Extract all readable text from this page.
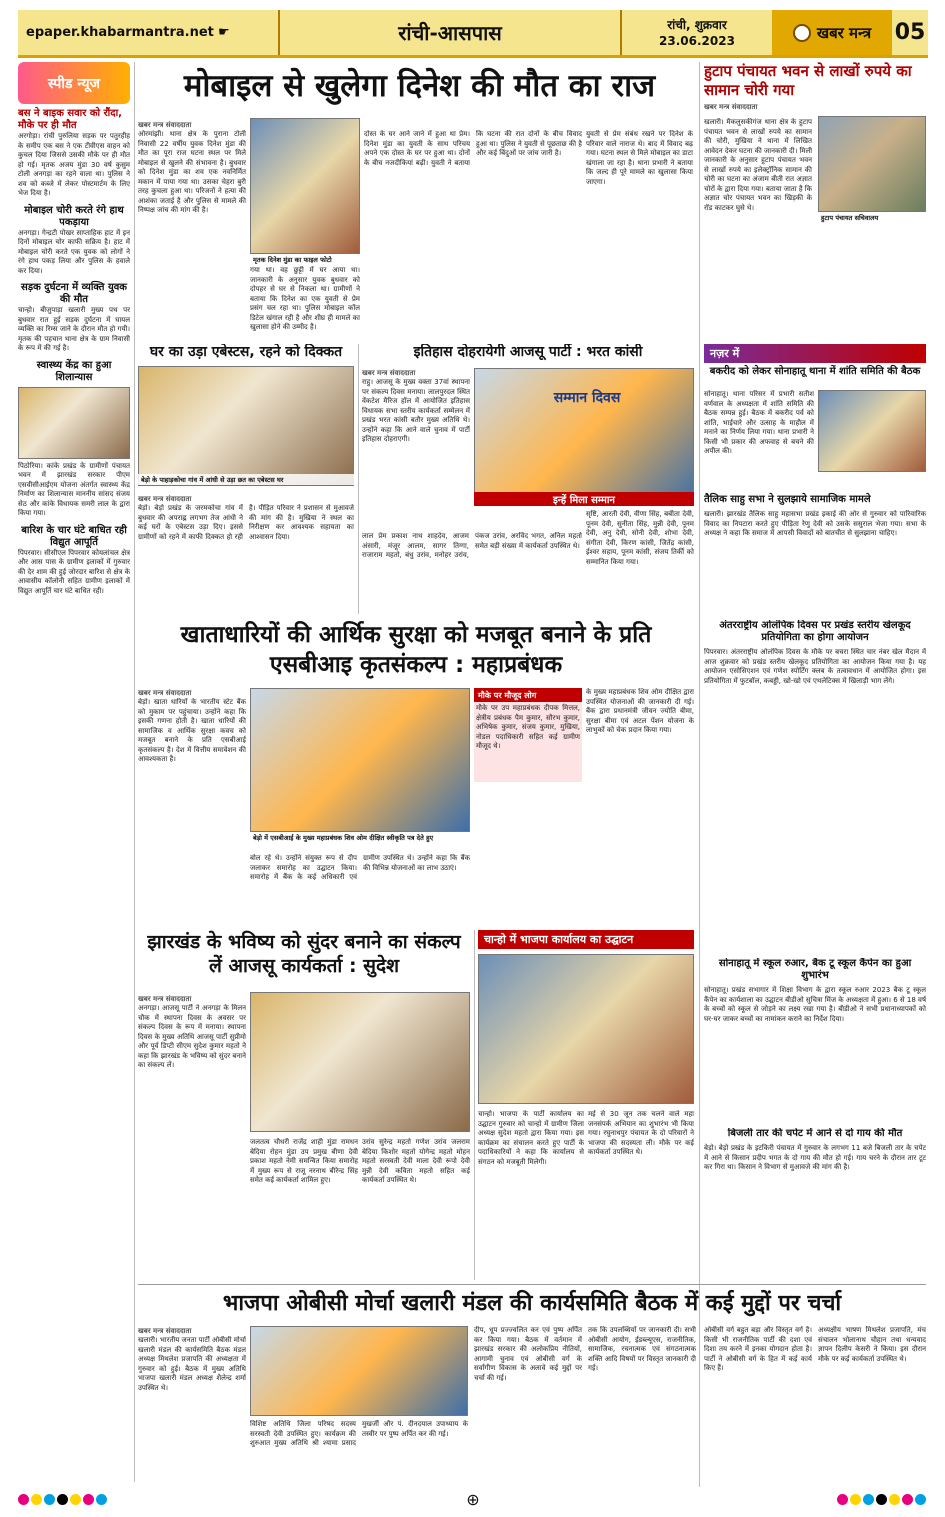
epaper.khabarmantra.net ☛	रांची-आसपास	रांची, शुक्रवार
23.06.2023	खबर मन्त्र 05
स्पीड न्यूज
बस ने बाइक सवार को रौंदा, मौके पर ही मौत

अरगोड़ा। रांची पुरुलिया सड़क पर पतुरहीह के समीप एक बस ने एक टीवीएस वाहन को कुचल दिया जिससे उसकी मौके पर ही मौत हो गई। मृतक अजय मुंडा 30 वर्ष कुसुम टोली अनगड़ा का रहने वाला था। पुलिस ने शव को कब्जे में लेकर पोस्टमार्टम के लिए भेज दिया है।

मोबाइल चोरी करते रंगे हाथ पकड़ाया

अनगड़ा। गेन्द्रटी पोखर साप्ताहिक हाट में इन दिनों मोबाइल चोर काफी सक्रिय है। हाट में मोबाइल चोरी करते एक युवक को लोगों ने रंगे हाथ पकड़ लिया और पुलिस के हवाले कर दिया।

सड़क दुर्घटना में व्यक्ति युवक की मौत

चान्हो। बीजुपाड़ा खलारी मुख्य पथ पर बुधवार रात हुई सड़क दुर्घटना में घायल व्यक्ति का रिम्स जाने के दौरान मौत हो गयी। मृतक की पहचान थाना क्षेत्र के ग्राम निवासी के रूप में की गई है।

स्वास्थ्य केंद्र का हुआ शिलान्यास

पिठोरिया। कांके प्रखंड के ग्रामीणों पंचायत भवन में झारखंड सरकार पीएम एसवीसीआईएम योजना अंतर्गत स्वास्थ्य केंद्र निर्माण का शिलान्यास माननीय सांसद संजय सेठ और कांके विधायक समरी लाल के द्वारा किया गया।

बारिश के चार घंटे बाधित रही विद्युत आपूर्ति

पिपरवार। सीसीएल पिपरवार कोयलांचल क्षेत्र और आस पास के ग्रामीण इलाकों में गुरुवार की देर शाम की हुई जोरदार बारिश से क्षेत्र के आवासीय कॉलोनी सहित ग्रामीण इलाकों में विद्युत आपूर्ति चार घंटे बाधित रही।

मोबाइल से खुलेगा दिनेश की मौत का राज
खबर मन्त्र संवाददाता
मृतक दिनेश मुंडा का फाइल फोटो

ओरमांझी। थाना क्षेत्र के पुराना टोली निवासी 22 वर्षीय युवक दिनेश मुंडा की मौत का पूरा राज घटना स्थल पर मिले मोबाइल से खुलने की संभावना है। बुधवार को दिनेश मुंडा का शव एक नवनिर्मित मकान में पाया गया था। उसका चेहरा बुरी तरह कुचला हुआ था। परिजनों ने हत्या की आशंका जताई है और पुलिस से मामले की निष्पक्ष जांच की मांग की है।

गया था। वह छुट्टी में घर आया था। जानकारी के अनुसार युवक बुधवार को दोपहर से घर से निकला था। ग्रामीणों ने बताया कि दिनेश का एक युवती से प्रेम प्रसंग चल रहा था। पुलिस मोबाइल कॉल डिटेल खंगाल रही है और शीघ्र ही मामले का खुलासा होने की उम्मीद है।

दोस्त के घर आने जाने में हुआ था प्रेम। दिनेश मुंडा का युवती के साथ परिचय अपने एक दोस्त के घर पर हुआ था। दोनों के बीच नजदीकियां बढ़ी। युवती ने बताया कि घटना की रात दोनों के बीच विवाद हुआ था। पुलिस ने युवती से पूछताछ की है और कई बिंदुओं पर जांच जारी है।

युवती से प्रेम संबंध रखने पर दिनेश के परिवार वाले नाराज थे। बाद में विवाद बढ़ गया। घटना स्थल से मिले मोबाइल का डाटा खंगाला जा रहा है। थाना प्रभारी ने बताया कि जल्द ही पूरे मामले का खुलासा किया जाएगा।

घर का उड़ा एबेस्टस, रहने को दिक्कत
बेड़ो के पाहाड़कोचा गांव में आंधी से उड़ा छत का एबेस्टस घर
खबर मन्त्र संवाददाता

बेड़ो। बेड़ो प्रखंड के जरमकोचा गांव में बुधवार की अपराह्न लगभग तेज आंधी ने कई घरों के एबेस्टस उड़ा दिए। इससे ग्रामीणों को रहने में काफी दिक्कत हो रही है। पीड़ित परिवार ने प्रशासन से मुआवजे की मांग की है। मुखिया ने स्थल का निरीक्षण कर आवश्यक सहायता का आश्वासन दिया।

इतिहास दोहरायेगी आजसू पार्टी : भरत कांसी
खबर मन्त्र संवाददाता

राहु। आजसू के मुख्य वक्ता 37वां स्थापना पर संकल्प दिवस मनाया। लालपुरदल स्थित वेंकटेश मैरिज हॉल में आयोजित इतिहास विधायक सभा स्तरीय कार्यकर्ता सम्मेलन में प्रखंड भरत कांसी बतौर मुख्य अतिथि थे। उन्होंने कहा कि आने वाले चुनाव में पार्टी इतिहास दोहराएगी।

सम्मान दिवस
इन्हें मिला सम्मान

लाल प्रेम प्रकाश नाथ शाहदेव, आजम अंसारी, मंजूर आलम, सागर तिग्गा, राजाराम महतो, बंधु उरांव, मनोहर उरांव, पंकज उरांव, अरविंद भगत, अनिल महतो समेत बड़ी संख्या में कार्यकर्ता उपस्थित थे।

सृष्टि, आरती देवी, वीणा सिंह, बबीता देवी, पूनम देवी, सुनीता सिंह, मुन्नी देवी, पूनम देवी, अनु देवी, सोनी देवी, शोभा देवी, संगीता देवी, किरण कांसी, जितेंद्र कांसी, ईश्वर सहाय, पूनम कांसी, संजय तिर्की को सम्मानित किया गया।

हुटाप पंचायत भवन से लाखों रुपये का सामान चोरी गया
खबर मन्त्र संवाददाता

खलारी। मैकलुसकीगंज थाना क्षेत्र के हुटाप पंचायत भवन से लाखों रुपये का सामान की चोरी, मुखिया ने थाना में लिखित आवेदन देकर घटना की जानकारी दी। मिली जानकारी के अनुसार हुटाप पंचायत भवन से लाखों रुपये का इलेक्ट्रॉनिक सामान की चोरी का घटना का अंजाम बीती रात अज्ञात चोरों के द्वारा दिया गया। बताया जाता है कि अज्ञात चोर पंचायत भवन का खिड़की के रॉड काटकर घुसे थे।

हुटाप पंचायत सचिवालय
नज़र में
बकरीद को लेकर सोनाहातू थाना में शांति समिति की बैठक

सोनाहातू। थाना परिसर में प्रभारी सतीश वर्णवाल के अध्यक्षता में शांति समिति की बैठक सम्पन्न हुई। बैठक में बकरीद पर्व को शांति, भाईचारे और उत्साह के माहौल में मनाने का निर्णय लिया गया। थाना प्रभारी ने किसी भी प्रकार की अफवाह से बचने की अपील की।

तैलिक साहु सभा ने सुलझाये सामाजिक मामले

खलारी। झारखंड तैलिक साहु महासभा प्रखंड इकाई की ओर से गुरुवार को पारिवारिक विवाद का निपटारा करते हुए पीड़िता रेणु देवी को उसके ससुराल भेजा गया। सभा के अध्यक्ष ने कहा कि समाज में आपसी विवादों को बातचीत से सुलझाना चाहिए।

खाताधारियों की आर्थिक सुरक्षा को मजबूत बनाने के प्रति एसबीआइ कृतसंकल्प : महाप्रबंधक
खबर मन्त्र संवाददाता

बेड़ो। खाता धारियों के भारतीय स्टेट बैंक को मुकाम पर पहुंचाया। उन्होंने कहा कि इसकी गणना होती है। खाता धारियों की सामाजिक व आर्थिक सुरक्षा कवच को मजबूत बनाने के प्रति एसबीआई कृतसंकल्प है। देश में वित्तीय समावेशन की आवश्यकता है।

बेड़ो में एसबीआई के मुख्य महाप्रबंधक शिव ओम दीक्षित स्वीकृति पत्र देते हुए

बोल रहे थे। उन्होंने संयुक्त रूप से दीप जलाकर समारोह का उद्घाटन किया। समारोह में बैंक के कई अधिकारी एवं ग्रामीण उपस्थित थे। उन्होंने कहा कि बैंक की विभिन्न योजनाओं का लाभ उठाएं।

मौके पर मौजूद लोग

मौके पर उप महाप्रबंधक दीपक मित्तल, क्षेत्रीय प्रबंधक पैम कुमार, सौरभ कुमार, अभिषेक कुमार, संजय कुमार, मुखिया, नोडल पदाधिकारी सहित कई ग्रामीण मौजूद थे।

के मुख्य महाप्रबंधक शिव ओम दीक्षित द्वारा उपस्थित योजनाओं की जानकारी दी गई। बैंक द्वारा प्रधानमंत्री जीवन ज्योति बीमा, सुरक्षा बीमा एवं अटल पेंशन योजना के लाभुकों को चेक प्रदान किया गया।

अंतरराष्ट्रीय ओलंपिक दिवस पर प्रखंड स्तरीय खेलकूद प्रतियोगिता का होगा आयोजन

पिपरवार। अंतरराष्ट्रीय ओलंपिक दिवस के मौके पर बचरा स्थित चार नंबर खेल मैदान में आज शुक्रवार को प्रखंड स्तरीय खेलकूद प्रतियोगिता का आयोजन किया गया है। यह आयोजन एसोसिएशन एवं गणेश स्पोर्टिंग क्लब के तत्वावधान में आयोजित होगा। इस प्रतियोगिता में फुटबॉल, कबड्डी, खो-खो एवं एथलेटिक्स में खिलाड़ी भाग लेंगे।

सोनाहातू में स्कूल रुआर, बैक टू स्कूल कैंपेन का हुआ शुभारंभ

सोनाहातू। प्रखंड सभागार में शिक्षा विभाग के द्वारा स्कूल रुआर 2023 बैक टू स्कूल कैंपेन का कार्यशाला का उद्घाटन बीडीओ सुचित्रा मिंज के अध्यक्षता में हुआ। 6 से 18 वर्ष के बच्चों को स्कूल से जोड़ने का लक्ष्य रखा गया है। बीडीओ ने सभी प्रधानाध्यापकों को घर-घर जाकर बच्चों का नामांकन कराने का निर्देश दिया।

बिजली तार की चपेट में आने से दो गाय की मौत

बेड़ो। बेड़ो प्रखंड के इटकिरी पंचायत में गुरुवार के लगभग 11 बजे बिजली तार के चपेट में आने से किसान प्रदीप भगत के दो गाय की मौत हो गई। गाय चरने के दौरान तार टूट कर गिरा था। किसान ने विभाग से मुआवजे की मांग की है।

झारखंड के भविष्य को सुंदर बनाने का संकल्प लें आजसू कार्यकर्ता : सुदेश
खबर मन्त्र संवाददाता

अनगड़ा। आजसू पार्टी ने अनगड़ा के मिलन चौक में स्थापना दिवस के अवसर पर संकल्प दिवस के रूप में मनाया। स्थापना दिवस के मुख्य अतिथि आजसू पार्टी सुप्रीमो और पूर्व डिप्टी सीएम सुदेश कुमार महतो ने कहा कि झारखंड के भविष्य को सुंदर बनाने का संकल्प लें।

जलतत्व चौधरी राजेंद्र शाही मुंडा रामधन बेदिया रोहन मुंडा उप प्रमुख बीणा देवी प्रकाश महतो नेमी समन्वित किया समारोह में मुख्य रूप से राजू नरनाथ बीरेन्द्र सिंह समेत कई कार्यकर्ता शामिल हुए।

उरांव सुरेन्द्र महतो गणेश उरांव जलराम बेदिया किशोर महतो योगेन्द्र महतो मोहन महतो सरस्वती देवी माला देवी रूपो देवी मुन्नी देवी कविता महतो सहित कई कार्यकर्ता उपस्थित थे।

चान्हो में भाजपा कार्यालय का उद्घाटन

चान्हो। भाजपा के पार्टी कार्यालय का उद्घाटन गुरुवार को चान्हो में ग्रामीण जिला अध्यक्ष सुदेश महतो द्वारा किया गया। इस कार्यक्रम का संचालन करते हुए पार्टी के पदाधिकारियों ने कहा कि कार्यालय से संगठन को मजबूती मिलेगी।

मई से 30 जून तक चलने वाले महा जनसंपर्क अभियान का शुभारंभ भी किया गया। रघुनाथपुर पंचायत के दो परिवारों ने भाजपा की सदस्यता ली। मौके पर कई कार्यकर्ता उपस्थित थे।

भाजपा ओबीसी मोर्चा खलारी मंडल की कार्यसमिति बैठक में कई मुद्दों पर चर्चा
खबर मन्त्र संवाददाता

खलारी। भारतीय जनता पार्टी ओबीसी मोर्चा खलारी मंडल की कार्यसमिति बैठक मंडल अध्यक्ष मिथलेश प्रजापति की अध्यक्षता में गुरुवार को हुई। बैठक में मुख्य अतिथि भाजपा खलारी मंडल अध्यक्ष शैलेन्द्र शर्मा उपस्थित थे।

विशिष्ट अतिथि जिला परिषद सदस्य सरस्वती देवी उपस्थित हुए। कार्यक्रम की शुरुआत मुख्य अतिथि श्री श्यामा प्रसाद मुखर्जी और पं. दीनदयाल उपाध्याय के तस्वीर पर पुष्प अर्पित कर की गई।

दीप, धूप प्रज्ज्वलित कर एवं पुष्प अर्पित कर किया गया। बैठक में वर्तमान में झारखंड सरकार की अलोकप्रिय नीतियों, आगामी चुनाव एवं ओबीसी वर्ग के सर्वांगीण विकास के अलावे कई मुद्दों पर चर्चा की गई।

तक कि उपलब्धियों पर जानकारी दी। सभी ओबीसी आयोग, ईडब्ल्यूएस, राजनीतिक, सामाजिक, रचनात्मक एवं संगठनात्मक शक्ति आदि विषयों पर विस्तृत जानकारी दी गई।

ओबीसी वर्ग बहुत बड़ा और विस्तृत वर्ग है। किसी भी राजनीतिक पार्टी की दशा एवं दिशा तय करने में इनका योगदान होता है। पार्टी ने ओबीसी वर्ग के हित में कई कार्य किए हैं।

अध्यक्षीय भाषण मिथलेश प्रजापति, मंच संचालन भोलानाथ चौहान तथा धन्यवाद ज्ञापन दिलीप केसरी ने किया। इस दौरान मौके पर कई कार्यकर्ता उपस्थित थे।

⊕
